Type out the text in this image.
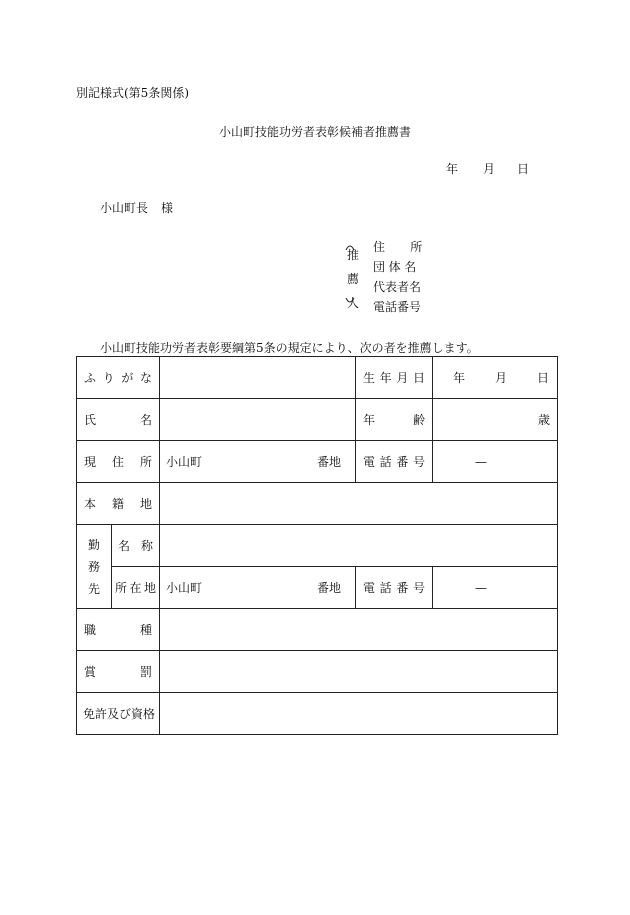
別記様式(第5条関係)
小山町技能功労者表彰候補者推薦書
年 月 日
小山町長 様
推
薦
人
住　所
団体名
代表者名
電話番号
小山町技能功労者表彰要綱第5条の規定により、次の者を推薦します。
ふりがな			生年月日	年 月 日

氏名			年齢	歳
現住所		小山町 番地	電話番号	—
本籍地				

勤
務
先	名称			
	所在地	小山町 番地	電話番号	—
職種				
賞罰				
免許及び資格				
